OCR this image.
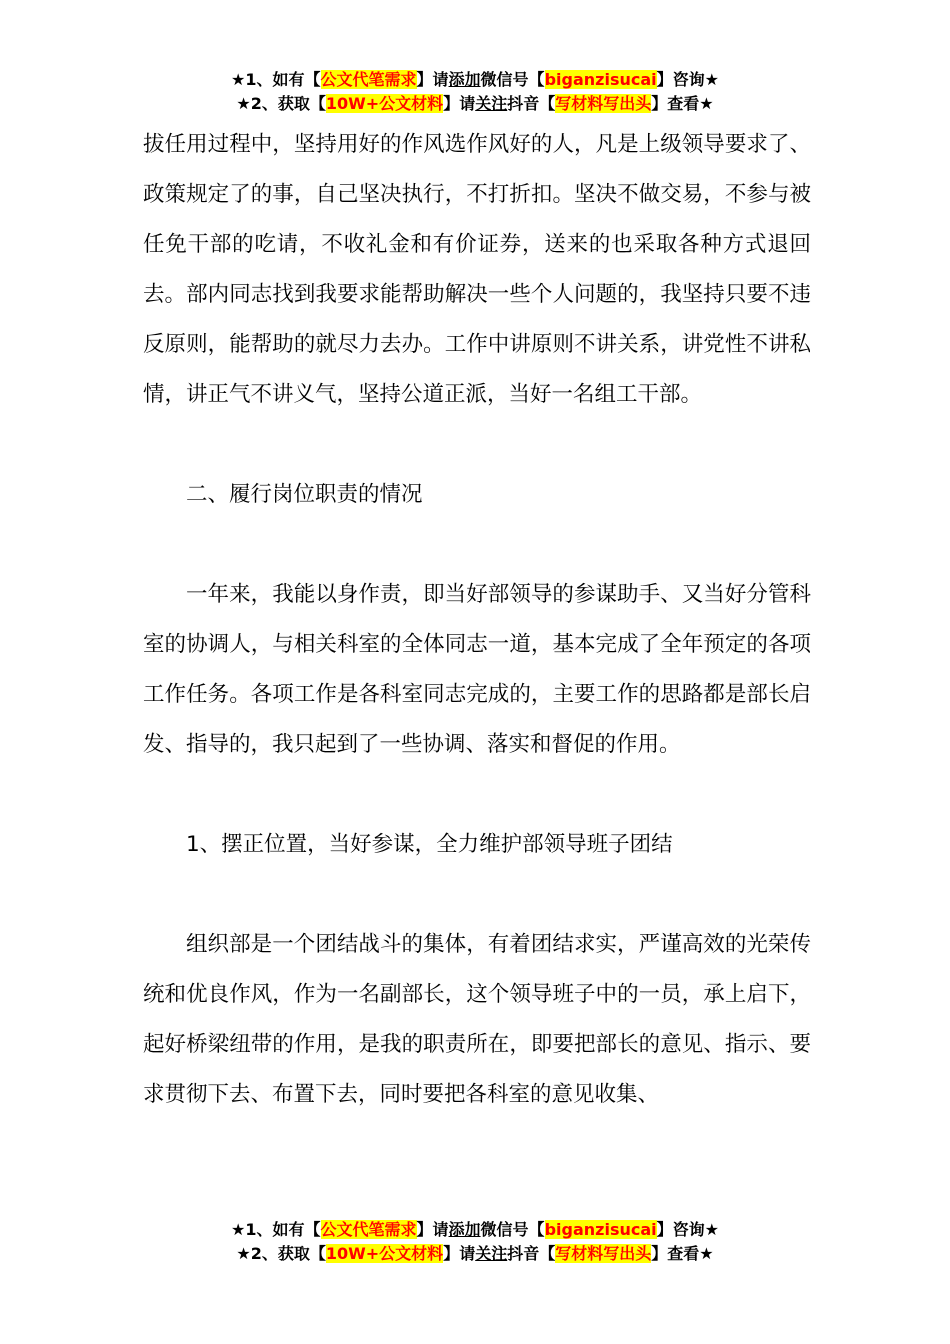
★1、如有【公文代笔需求】请添加微信号【biganzisucai】咨询★
★2、获取【10W+公文材料】请关注抖音【写材料写出头】查看★

拔任用过程中，坚持用好的作风选作风好的人，凡是上级领导要求了、政策规定了的事，自己坚决执行，不打折扣。坚决不做交易，不参与被任免干部的吃请，不收礼金和有价证券，送来的也采取各种方式退回去。部内同志找到我要求能帮助解决一些个人问题的，我坚持只要不违反原则，能帮助的就尽力去办。工作中讲原则不讲关系，讲党性不讲私情，讲正气不讲义气，坚持公道正派，当好一名组工干部。

二、履行岗位职责的情况

一年来，我能以身作责，即当好部领导的参谋助手、又当好分管科室的协调人，与相关科室的全体同志一道，基本完成了全年预定的各项工作任务。各项工作是各科室同志完成的，主要工作的思路都是部长启发、指导的，我只起到了一些协调、落实和督促的作用。

1、摆正位置，当好参谋，全力维护部领导班子团结

组织部是一个团结战斗的集体，有着团结求实，严谨高效的光荣传统和优良作风，作为一名副部长，这个领导班子中的一员，承上启下，起好桥梁纽带的作用，是我的职责所在，即要把部长的意见、指示、要求贯彻下去、布置下去，同时要把各科室的意见收集、

★1、如有【公文代笔需求】请添加微信号【biganzisucai】咨询★
★2、获取【10W+公文材料】请关注抖音【写材料写出头】查看★
